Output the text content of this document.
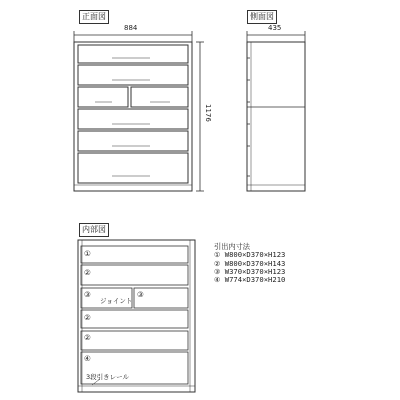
正面図	側面図
内部図
884	435
1176
①
②
③	③
②
②
④
ジョイント
3段引きレール
引出内寸法
① W800×D370×H123
② W800×D370×H143
③ W370×D370×H123
④ W774×D370×H210
